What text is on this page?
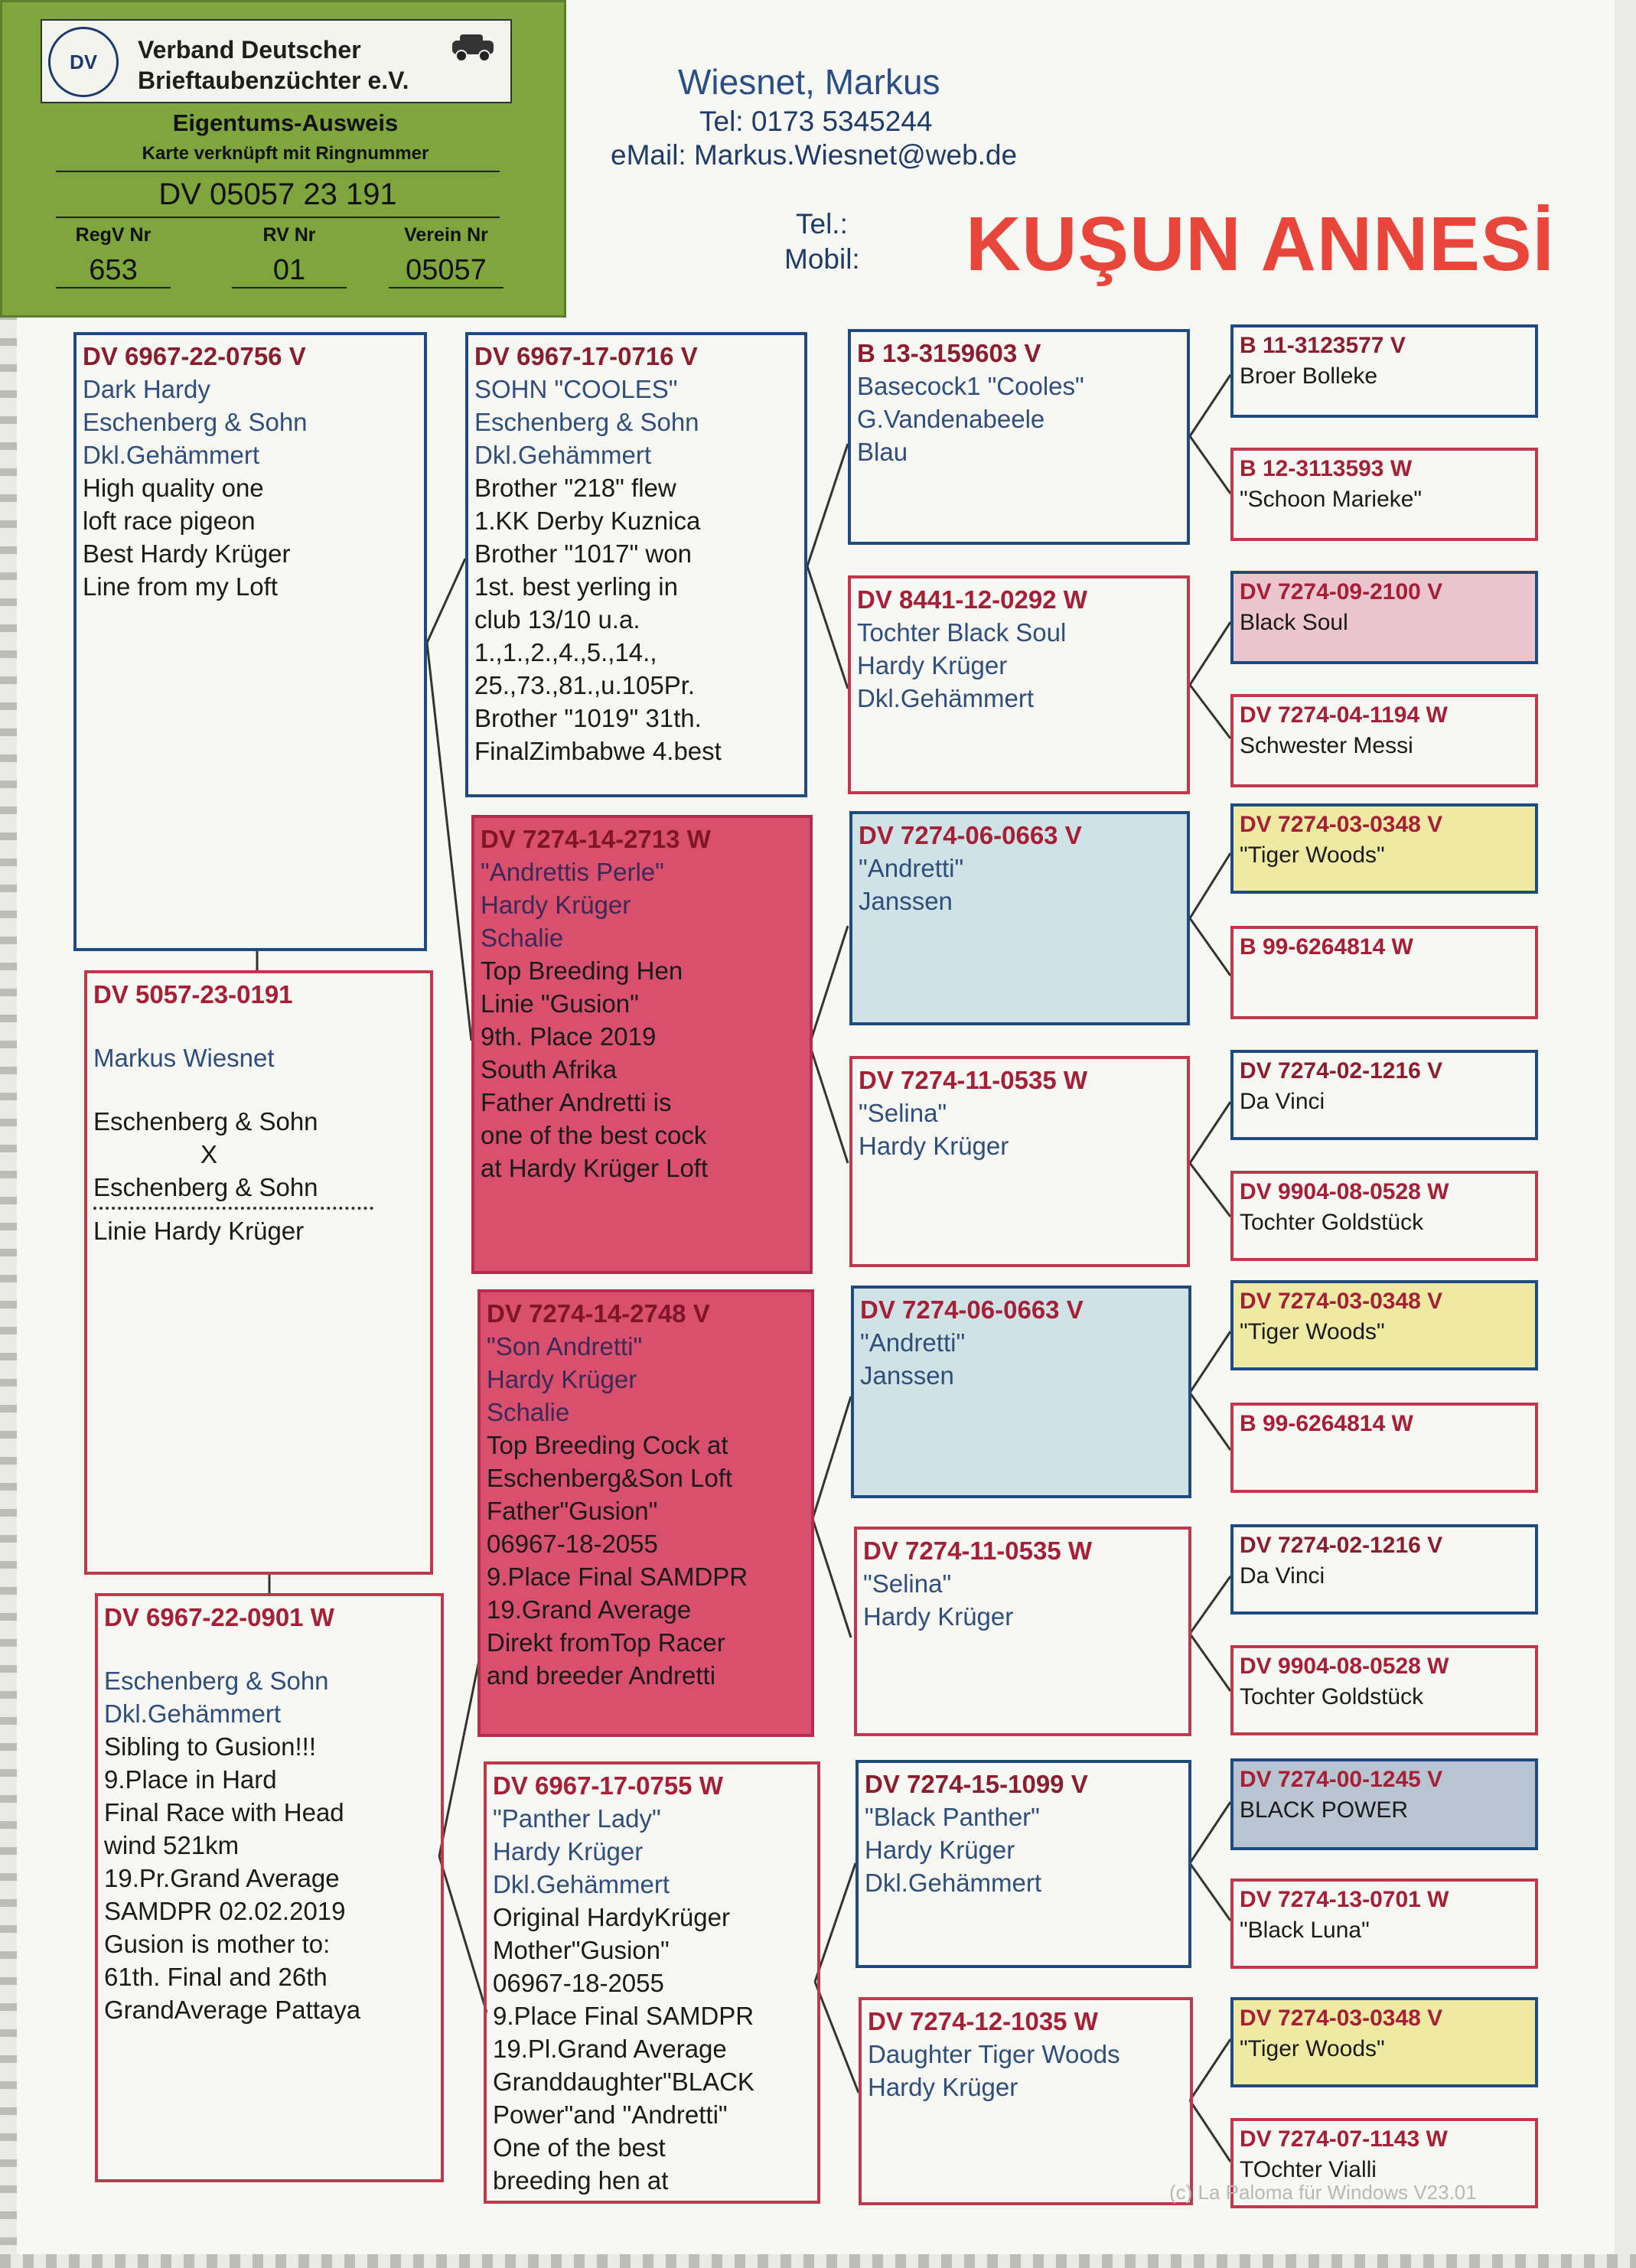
DV	Verband Deutscher
Brieftaubenzüchter e.V.
Eigentums-Ausweis
Karte verknüpft mit Ringnummer
DV 05057 23 191
RegV Nr
653
RV Nr
01
Verein Nr
05057
Wiesnet, Markus
Tel: 0173 5345244
eMail: Markus.Wiesnet@web.de
Tel.:
Mobil: KUŞUN ANNESİ
DV 6967-22-0756 V
Dark Hardy
Eschenberg & Sohn
Dkl.Gehämmert
High quality one
loft race pigeon
Best Hardy Krüger
Line from my Loft
DV 5057-23-0191
Markus Wiesnet
Eschenberg & Sohn
X
Eschenberg & Sohn
Linie Hardy Krüger
DV 6967-22-0901 W
Eschenberg & Sohn
Dkl.Gehämmert
Sibling to Gusion!!!
9.Place in Hard
Final Race with Head
wind 521km
19.Pr.Grand Average
SAMDPR 02.02.2019
Gusion is mother to:
61th. Final and 26th
GrandAverage Pattaya
DV 6967-17-0716 V
SOHN "COOLES"
Eschenberg & Sohn
Dkl.Gehämmert
Brother "218" flew
1.KK Derby Kuznica
Brother "1017" won
1st. best yerling in
club 13/10 u.a.
1.,1.,2.,4.,5.,14.,
25.,73.,81.,u.105Pr.
Brother "1019" 31th.
FinalZimbabwe 4.best
DV 7274-14-2713 W
"Andrettis Perle"
Hardy Krüger
Schalie
Top Breeding Hen
Linie "Gusion"
9th. Place 2019
South Afrika
Father Andretti is
one of the best cock
at Hardy Krüger Loft
DV 7274-14-2748 V
"Son Andretti"
Hardy Krüger
Schalie
Top Breeding Cock at
Eschenberg&Son Loft
Father"Gusion"
06967-18-2055
9.Place Final SAMDPR
19.Grand Average
Direkt fromTop Racer
and breeder Andretti
DV 6967-17-0755 W
"Panther Lady"
Hardy Krüger
Dkl.Gehämmert
Original HardyKrüger
Mother"Gusion"
06967-18-2055
9.Place Final SAMDPR
19.Pl.Grand Average
Granddaughter"BLACK
Power"and "Andretti"
One of the best
breeding hen at
B 13-3159603 V
Basecock1 "Cooles"
G.Vandenabeele
Blau
DV 8441-12-0292 W
Tochter Black Soul
Hardy Krüger
Dkl.Gehämmert
DV 7274-06-0663 V
"Andretti"
Janssen
DV 7274-11-0535 W
"Selina"
Hardy Krüger
DV 7274-06-0663 V
"Andretti"
Janssen
DV 7274-11-0535 W
"Selina"
Hardy Krüger
DV 7274-15-1099 V
"Black Panther"
Hardy Krüger
Dkl.Gehämmert
DV 7274-12-1035 W
Daughter Tiger Woods
Hardy Krüger
B 11-3123577 V
Broer Bolleke
B 12-3113593 W
"Schoon Marieke"
DV 7274-09-2100 V
Black Soul
DV 7274-04-1194 W
Schwester Messi
DV 7274-03-0348 V
"Tiger Woods"
B 99-6264814 W
DV 7274-02-1216 V
Da Vinci
DV 9904-08-0528 W
Tochter Goldstück
DV 7274-03-0348 V
"Tiger Woods"
B 99-6264814 W
DV 7274-02-1216 V
Da Vinci
DV 9904-08-0528 W
Tochter Goldstück
DV 7274-00-1245 V
BLACK POWER
DV 7274-13-0701 W
"Black Luna"
DV 7274-03-0348 V
"Tiger Woods"
DV 7274-07-1143 W
TOchter Vialli
(c) La Paloma für Windows V23.01
